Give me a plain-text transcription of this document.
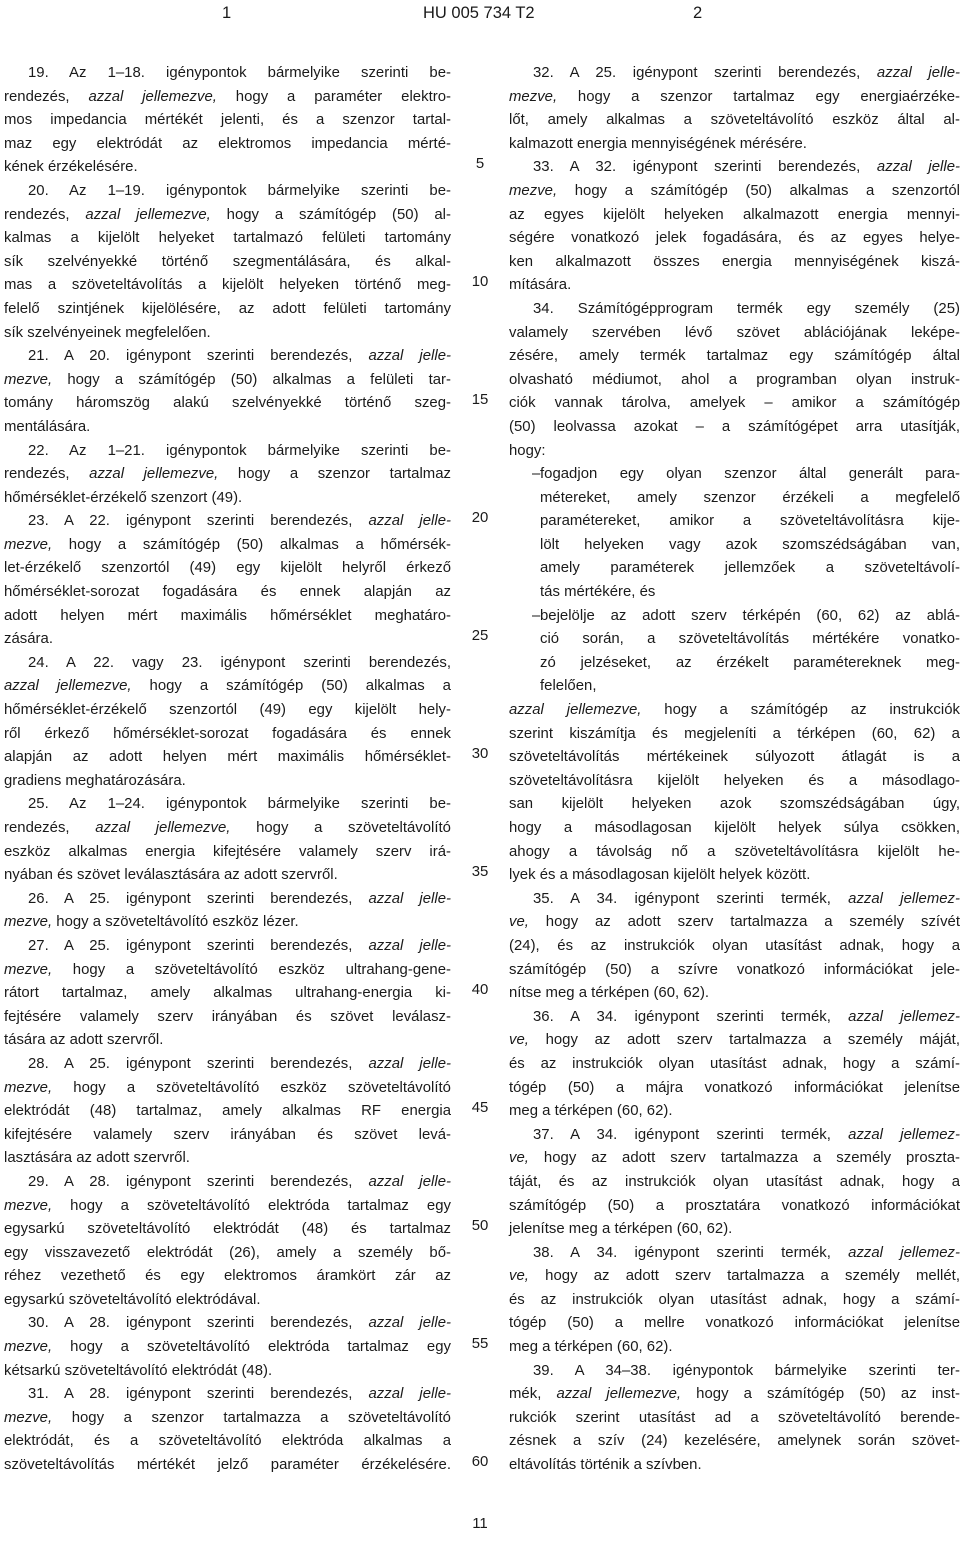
1	HU 005 734 T2	2
19. Az 1–18. igénypontok bármelyike szerinti be-
rendezés, azzal jellemezve, hogy a paraméter elektro-
mos impedancia mértékét jelenti, és a szenzor tartal-
maz egy elektródát az elektromos impedancia mérté-
kének érzékelésére.
20. Az 1–19. igénypontok bármelyike szerinti be-
rendezés, azzal jellemezve, hogy a számítógép (50) al-
kalmas a kijelölt helyeket tartalmazó felületi tartomány
sík szelvényekké történő szegmentálására, és alkal-
mas a szöveteltávolítás a kijelölt helyeken történő meg-
felelő szintjének kijelölésére, az adott felületi tartomány
sík szelvényeinek megfelelően.
21. A 20. igénypont szerinti berendezés, azzal jelle-
mezve, hogy a számítógép (50) alkalmas a felületi tar-
tomány háromszög alakú szelvényekké történő szeg-
mentálására.
22. Az 1–21. igénypontok bármelyike szerinti be-
rendezés, azzal jellemezve, hogy a szenzor tartalmaz
hőmérséklet-érzékelő szenzort (49).
23. A 22. igénypont szerinti berendezés, azzal jelle-
mezve, hogy a számítógép (50) alkalmas a hőmérsék-
let-érzékelő szenzortól (49) egy kijelölt helyről érkező
hőmérséklet-sorozat fogadására és ennek alapján az
adott helyen mért maximális hőmérséklet meghatáro-
zására.
24. A 22. vagy 23. igénypont szerinti berendezés,
azzal jellemezve, hogy a számítógép (50) alkalmas a
hőmérséklet-érzékelő szenzortól (49) egy kijelölt hely-
ről érkező hőmérséklet-sorozat fogadására és ennek
alapján az adott helyen mért maximális hőmérséklet-
gradiens meghatározására.
25. Az 1–24. igénypontok bármelyike szerinti be-
rendezés, azzal jellemezve, hogy a szöveteltávolító
eszköz alkalmas energia kifejtésére valamely szerv irá-
nyában és szövet leválasztására az adott szervről.
26. A 25. igénypont szerinti berendezés, azzal jelle-
mezve, hogy a szöveteltávolító eszköz lézer.
27. A 25. igénypont szerinti berendezés, azzal jelle-
mezve, hogy a szöveteltávolító eszköz ultrahang-gene-
rátort tartalmaz, amely alkalmas ultrahang-energia ki-
fejtésére valamely szerv irányában és szövet leválasz-
tására az adott szervről.
28. A 25. igénypont szerinti berendezés, azzal jelle-
mezve, hogy a szöveteltávolító eszköz szöveteltávolító
elektródát (48) tartalmaz, amely alkalmas RF energia
kifejtésére valamely szerv irányában és szövet levá-
lasztására az adott szervről.
29. A 28. igénypont szerinti berendezés, azzal jelle-
mezve, hogy a szöveteltávolító elektróda tartalmaz egy
egysarkú szöveteltávolító elektródát (48) és tartalmaz
egy visszavezető elektródát (26), amely a személy bő-
réhez vezethető és egy elektromos áramkört zár az
egysarkú szöveteltávolító elektródával.
30. A 28. igénypont szerinti berendezés, azzal jelle-
mezve, hogy a szöveteltávolító elektróda tartalmaz egy
kétsarkú szöveteltávolító elektródát (48).
31. A 28. igénypont szerinti berendezés, azzal jelle-
mezve, hogy a szenzor tartalmazza a szöveteltávolító
elektródát, és a szöveteltávolító elektróda alkalmas a
szöveteltávolítás mértékét jelző paraméter érzékelésére.
5
10
15
20
25
30
35
40
45
50
55
60
32. A 25. igénypont szerinti berendezés, azzal jelle-
mezve, hogy a szenzor tartalmaz egy energiaérzéke-
lőt, amely alkalmas a szöveteltávolító eszköz által al-
kalmazott energia mennyiségének mérésére.
33. A 32. igénypont szerinti berendezés, azzal jelle-
mezve, hogy a számítógép (50) alkalmas a szenzortól
az egyes kijelölt helyeken alkalmazott energia mennyi-
ségére vonatkozó jelek fogadására, és az egyes helye-
ken alkalmazott összes energia mennyiségének kiszá-
mítására.
34. Számítógépprogram termék egy személy (25)
valamely szervében lévő szövet ablációjának leképe-
zésére, amely termék tartalmaz egy számítógép által
olvasható médiumot, ahol a programban olyan instruk-
ciók vannak tárolva, amelyek – amikor a számítógép
(50) leolvassa azokat – a számítógépet arra utasítják,
hogy:
– fogadjon egy olyan szenzor által generált para-
métereket, amely szenzor érzékeli a megfelelő
paramétereket, amikor a szöveteltávolításra kije-
lölt helyeken vagy azok szomszédságában van,
amely paraméterek jellemzőek a szöveteltávolí-
tás mértékére, és
– bejelölje az adott szerv térképén (60, 62) az ablá-
ció során, a szöveteltávolítás mértékére vonatko-
zó jelzéseket, az érzékelt paramétereknek meg-
felelően,
azzal jellemezve, hogy a számítógép az instrukciók
szerint kiszámítja és megjeleníti a térképen (60, 62) a
szöveteltávolítás mértékeinek súlyozott átlagát is a
szöveteltávolításra kijelölt helyeken és a másodlago-
san kijelölt helyeken azok szomszédságában úgy,
hogy a másodlagosan kijelölt helyek súlya csökken,
ahogy a távolság nő a szöveteltávolításra kijelölt he-
lyek és a másodlagosan kijelölt helyek között.
35. A 34. igénypont szerinti termék, azzal jellemez-
ve, hogy az adott szerv tartalmazza a személy szívét
(24), és az instrukciók olyan utasítást adnak, hogy a
számítógép (50) a szívre vonatkozó információkat jele-
nítse meg a térképen (60, 62).
36. A 34. igénypont szerinti termék, azzal jellemez-
ve, hogy az adott szerv tartalmazza a személy máját,
és az instrukciók olyan utasítást adnak, hogy a számí-
tógép (50) a májra vonatkozó információkat jelenítse
meg a térképen (60, 62).
37. A 34. igénypont szerinti termék, azzal jellemez-
ve, hogy az adott szerv tartalmazza a személy prosztа-
táját, és az instrukciók olyan utasítást adnak, hogy a
számítógép (50) a prosztatára vonatkozó információkat
jelenítse meg a térképen (60, 62).
38. A 34. igénypont szerinti termék, azzal jellemez-
ve, hogy az adott szerv tartalmazza a személy mellét,
és az instrukciók olyan utasítást adnak, hogy a számí-
tógép (50) a mellre vonatkozó információkat jelenítse
meg a térképen (60, 62).
39. A 34–38. igénypontok bármelyike szerinti ter-
mék, azzal jellemezve, hogy a számítógép (50) az inst-
rukciók szerint utasítást ad a szöveteltávolító berende-
zésnek a szív (24) kezelésére, amelynek során szövet-
eltávolítás történik a szívben.
11
